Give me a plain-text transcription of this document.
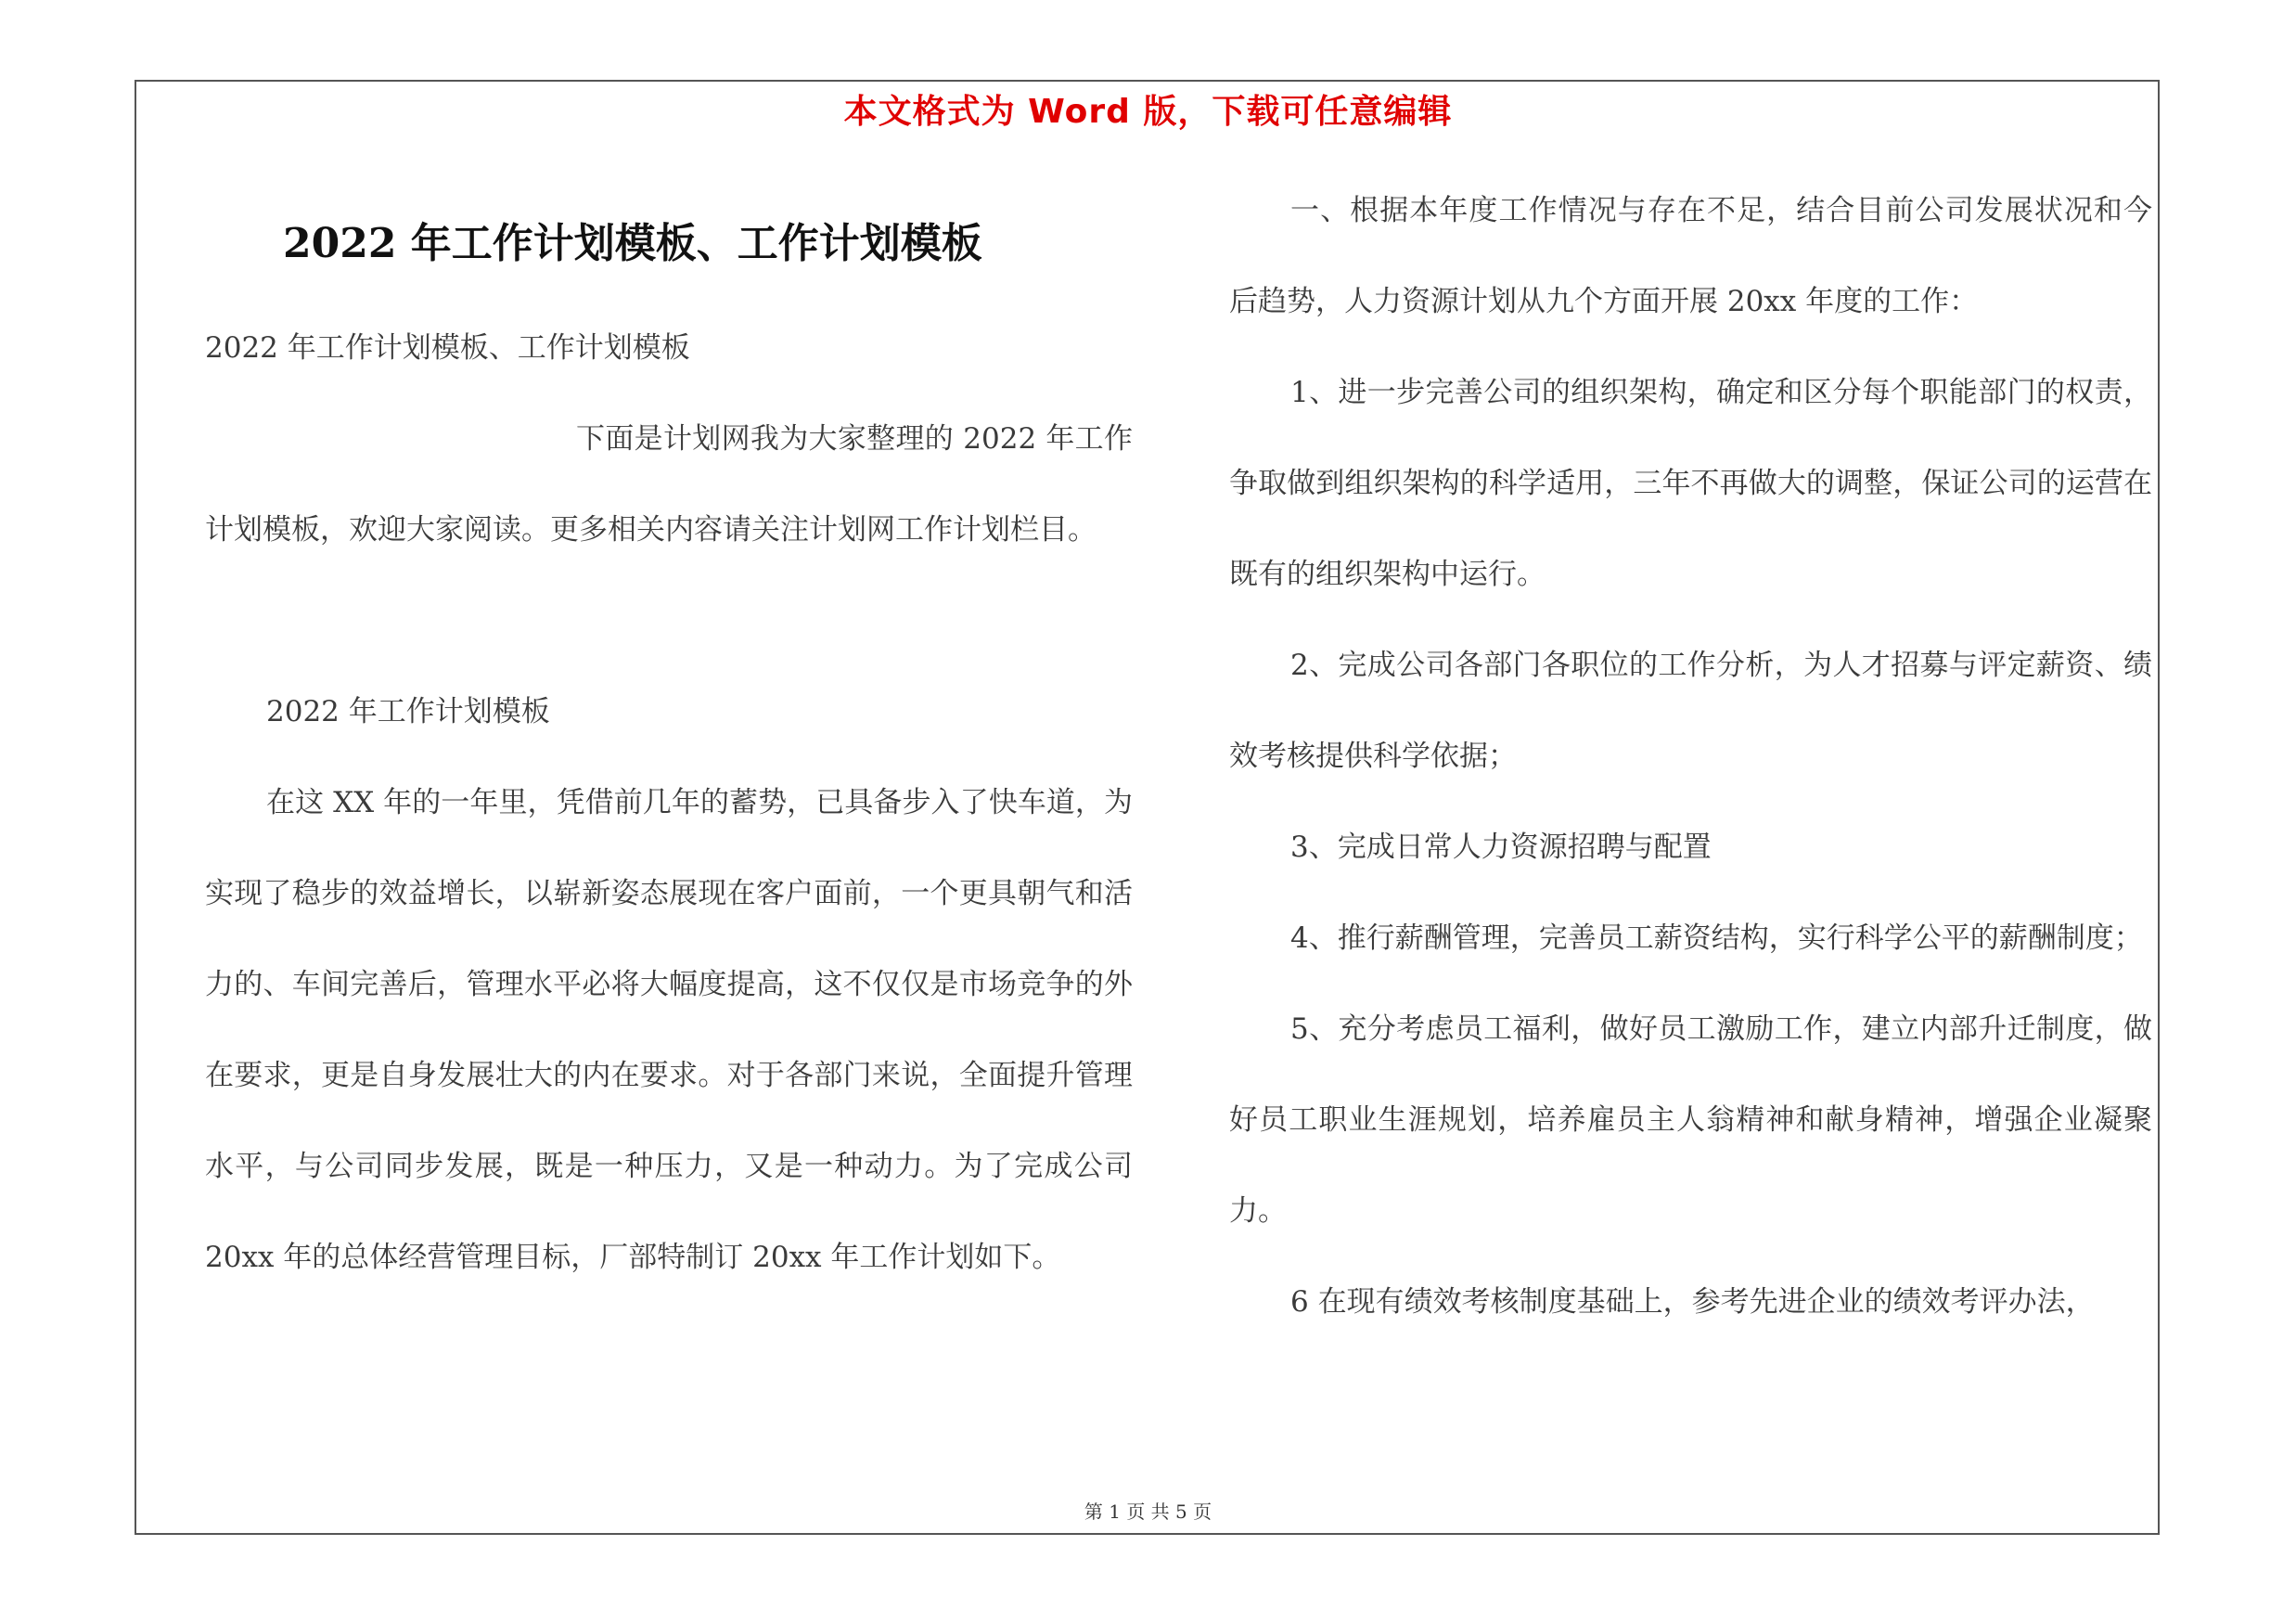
本文格式为 Word 版，下载可任意编辑
2022 年工作计划模板、工作计划模板

2022 年工作计划模板、工作计划模板

下面是计划网我为大家整理的 2022 年工作计划模板，欢迎大家阅读。更多相关内容请关注计划网工作计划栏目。

2022 年工作计划模板

在这 XX 年的一年里，凭借前几年的蓄势，已具备步入了快车道，为实现了稳步的效益增长，以崭新姿态展现在客户面前，一个更具朝气和活力的、车间完善后，管理水平必将大幅度提高，这不仅仅是市场竞争的外在要求，更是自身发展壮大的内在要求。对于各部门来说，全面提升管理水平，与公司同步发展，既是一种压力，又是一种动力。为了完成公司 20xx 年的总体经营管理目标，厂部特制订 20xx 年工作计划如下。

一、根据本年度工作情况与存在不足，结合目前公司发展状况和今后趋势，人力资源计划从九个方面开展 20xx 年度的工作：

1、进一步完善公司的组织架构，确定和区分每个职能部门的权责，争取做到组织架构的科学适用，三年不再做大的调整，保证公司的运营在既有的组织架构中运行。

2、完成公司各部门各职位的工作分析，为人才招募与评定薪资、绩效考核提供科学依据；

3、完成日常人力资源招聘与配置

4、推行薪酬管理，完善员工薪资结构，实行科学公平的薪酬制度；

5、充分考虑员工福利，做好员工激励工作，建立内部升迁制度，做好员工职业生涯规划，培养雇员主人翁精神和献身精神，增强企业凝聚力。

6 在现有绩效考核制度基础上，参考先进企业的绩效考评办法，

第 1 页 共 5 页
